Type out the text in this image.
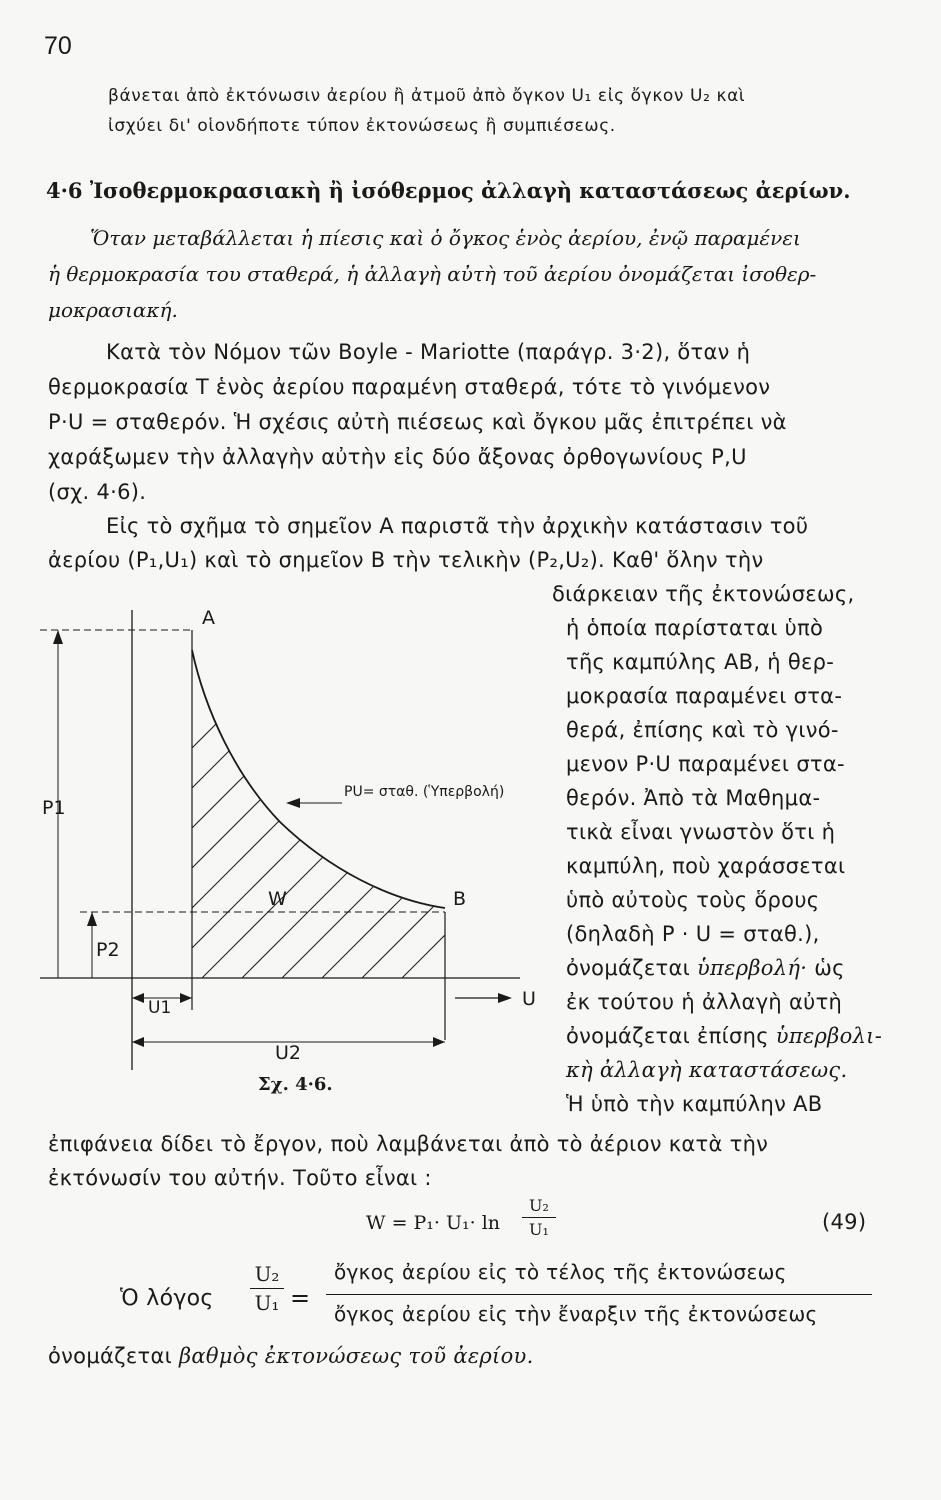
70
βάνεται ἀπὸ ἐκτόνωσιν ἀερίου ἢ ἀτμοῦ ἀπὸ ὄγκον U₁ εἰς ὄγκον U₂ καὶ
ἰσχύει δι' οἱονδήποτε τύπον ἐκτονώσεως ἢ συμπιέσεως.
4·6 Ἰσοθερμοκρασιακὴ ἢ ἰσόθερμος ἀλλαγὴ καταστάσεως ἀερίων.
Ὅταν μεταβάλλεται ἡ πίεσις καὶ ὁ ὄγκος ἑνὸς ἀερίου, ἐνῷ παραμένει
ἡ θερμοκρασία του σταθερά, ἡ ἀλλαγὴ αὐτὴ τοῦ ἀερίου ὀνομάζεται ἰσοθερ-
μοκρασιακή.
Κατὰ τὸν Νόμον τῶν Boyle - Mariotte (παράγρ. 3·2), ὅταν ἡ
θερμοκρασία T ἑνὸς ἀερίου παραμένη σταθερά, τότε τὸ γινόμενον
P·U = σταθερόν. Ἡ σχέσις αὐτὴ πιέσεως καὶ ὄγκου μᾶς ἐπιτρέπει νὰ
χαράξωμεν τὴν ἀλλαγὴν αὐτὴν εἰς δύο ἄξονας ὀρθογωνίους P,U
(σχ. 4·6).
Εἰς τὸ σχῆμα τὸ σημεῖον A παριστᾶ τὴν ἀρχικὴν κατάστασιν τοῦ
ἀερίου (P₁,U₁) καὶ τὸ σημεῖον B τὴν τελικὴν (P₂,U₂). Καθ' ὅλην τὴν
διάρκειαν τῆς ἐκτονώσεως,
ἡ ὁποία παρίσταται ὑπὸ
τῆς καμπύλης AB, ἡ θερ-
μοκρασία παραμένει στα-
θερά, ἐπίσης καὶ τὸ γινό-
μενον P·U παραμένει στα-
θερόν. Ἀπὸ τὰ Μαθημα-
τικὰ εἶναι γνωστὸν ὅτι ἡ
καμπύλη, ποὺ χαράσσεται
ὑπὸ αὐτοὺς τοὺς ὅρους
(δηλαδὴ P · U = σταθ.),
ὀνομάζεται ὑπερβολή· ὡς
ἐκ τούτου ἡ ἀλλαγὴ αὐτὴ
ὀνομάζεται ἐπίσης ὑπερβολι-
κὴ ἀλλαγὴ καταστάσεως.
Ἡ ὑπὸ τὴν καμπύλην AB
A
B
W
P1
P2
U1
U2
U
PU= σταθ. (Ὑπερβολή)
Σχ. 4·6.
ἐπιφάνεια δίδει τὸ ἔργον, ποὺ λαμβάνεται ἀπὸ τὸ ἀέριον κατὰ τὴν
ἐκτόνωσίν του αὐτήν. Τοῦτο εἶναι :
W = P₁· U₁· ln
U₂
U₁	(49)
Ὁ λόγος
U₂
U₁ =
ὄγκος ἀερίου εἰς τὸ τέλος τῆς ἐκτονώσεως
ὄγκος ἀερίου εἰς τὴν ἔναρξιν τῆς ἐκτονώσεως
ὀνομάζεται βαθμὸς ἐκτονώσεως τοῦ ἀερίου.
